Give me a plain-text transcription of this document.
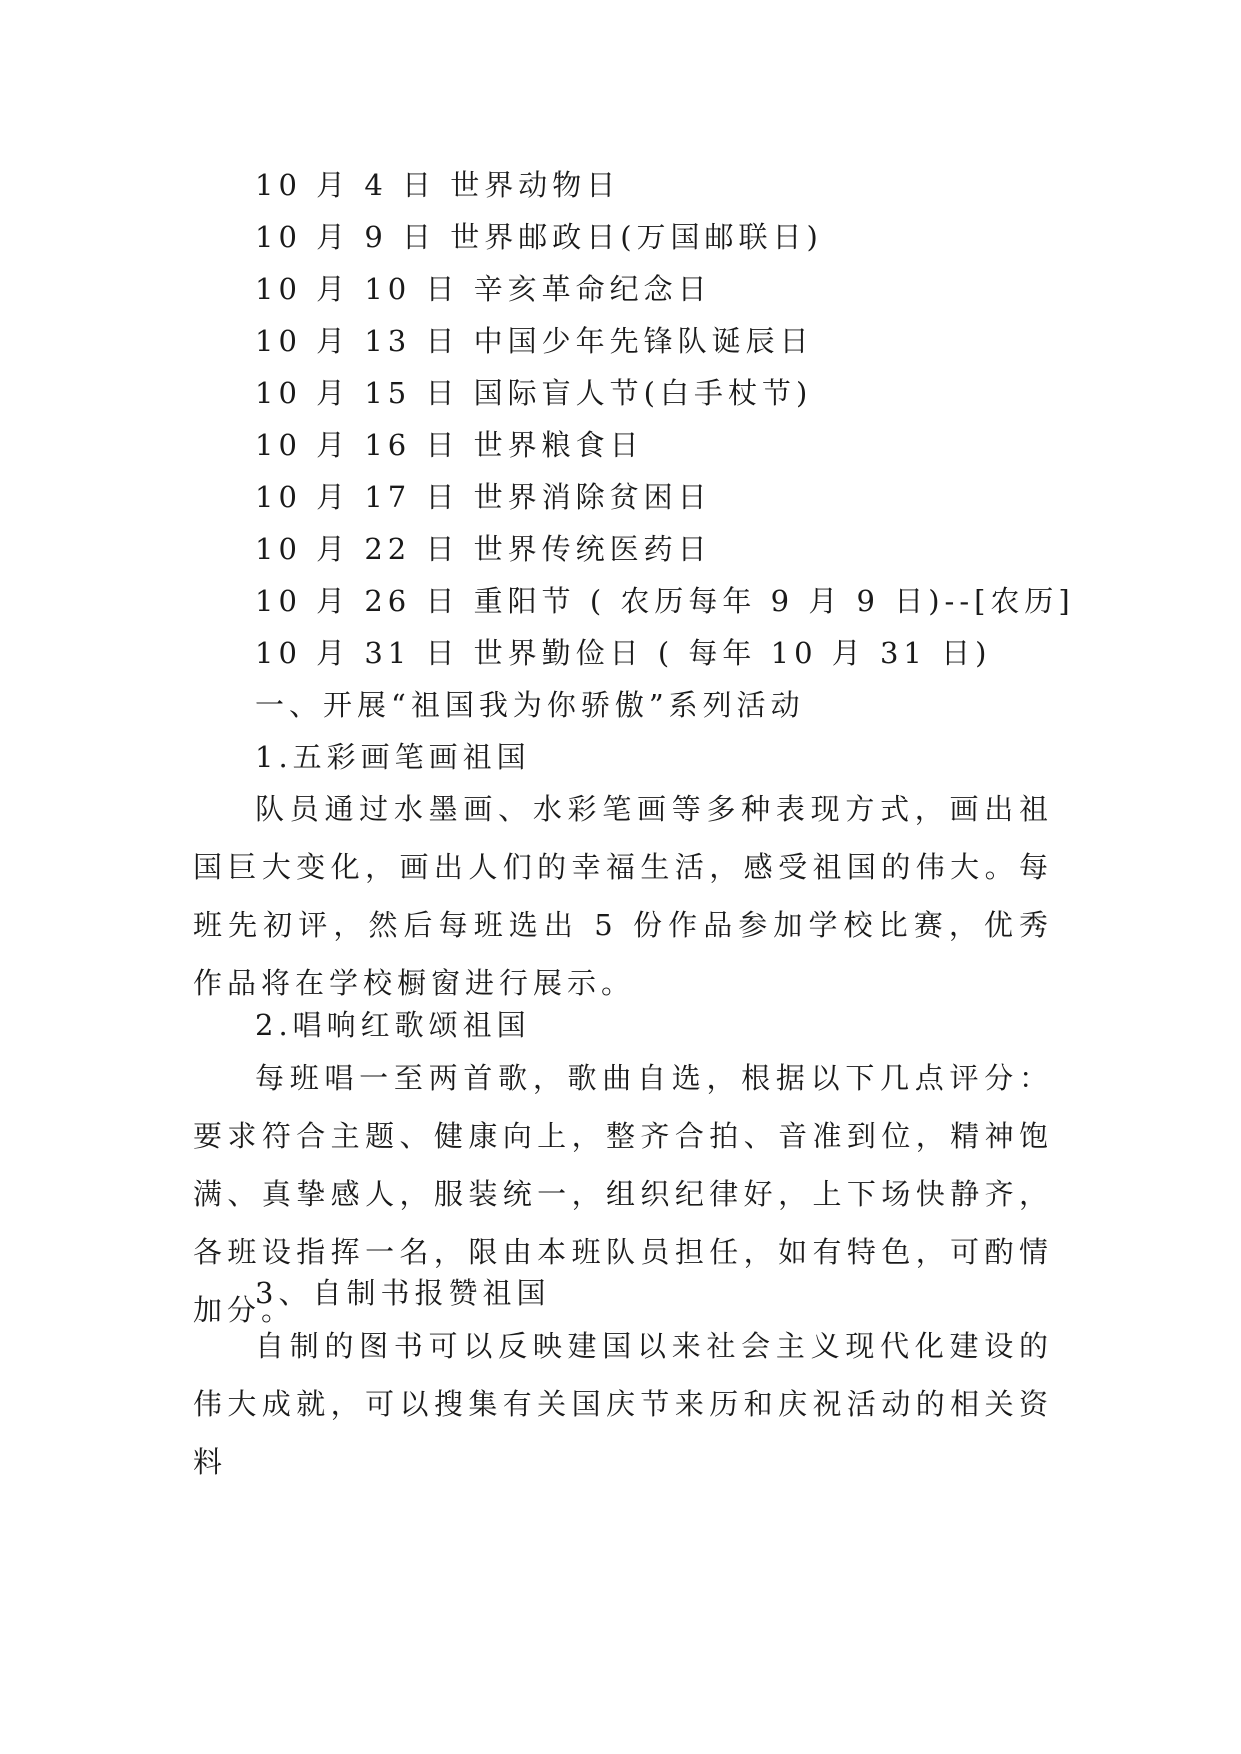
10 月 4 日 世界动物日
10 月 9 日 世界邮政日(万国邮联日)
10 月 10 日 辛亥革命纪念日
10 月 13 日 中国少年先锋队诞辰日
10 月 15 日 国际盲人节(白手杖节)
10 月 16 日 世界粮食日
10 月 17 日 世界消除贫困日
10 月 22 日 世界传统医药日
10 月 26 日 重阳节 ( 农历每年 9 月 9 日)--[农历]
10 月 31 日 世界勤俭日 ( 每年 10 月 31 日)
一、开展“祖国我为你骄傲”系列活动
1.五彩画笔画祖国
队员通过水墨画、水彩笔画等多种表现方式，画出祖国巨大变化，画出人们的幸福生活，感受祖国的伟大。每班先初评，然后每班选出 5 份作品参加学校比赛，优秀作品将在学校橱窗进行展示。
2.唱响红歌颂祖国
每班唱一至两首歌，歌曲自选，根据以下几点评分：要求符合主题、健康向上，整齐合拍、音准到位，精神饱满、真挚感人，服装统一，组织纪律好，上下场快静齐，各班设指挥一名，限由本班队员担任，如有特色，可酌情加分。
3、自制书报赞祖国
自制的图书可以反映建国以来社会主义现代化建设的伟大成就，可以搜集有关国庆节来历和庆祝活动的相关资料
